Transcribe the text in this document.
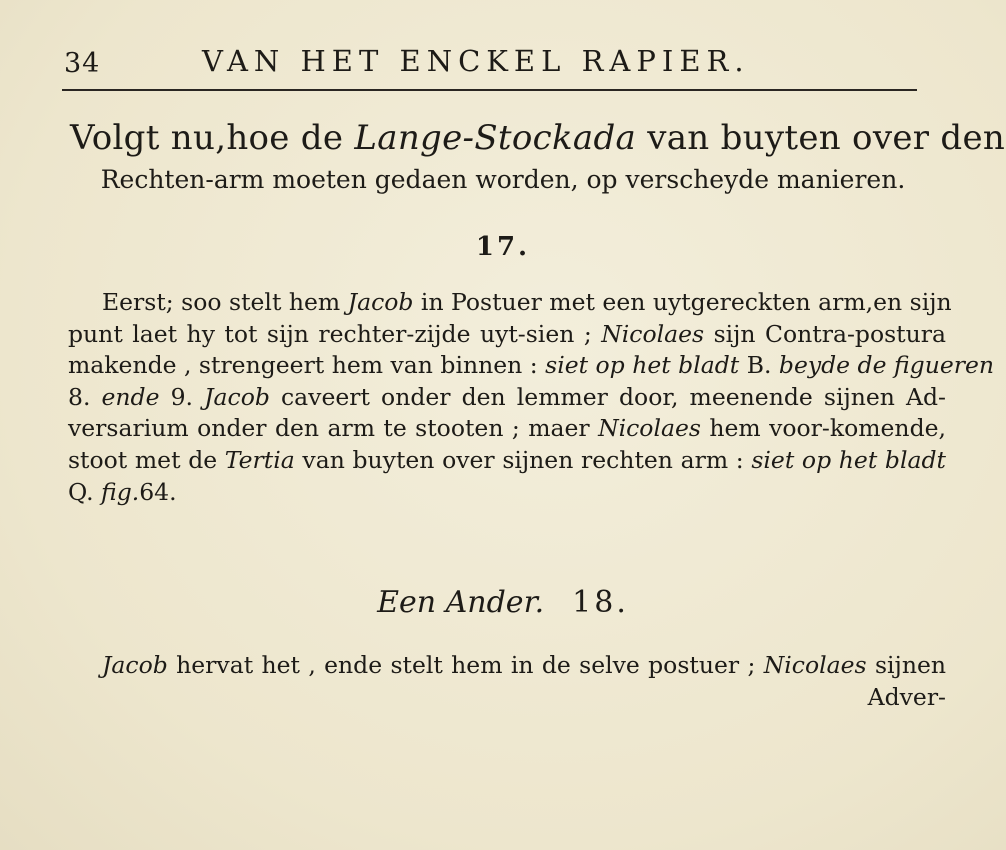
34	VAN HET ENCKEL RAPIER.
Volgt nu,hoe de Lange-Stockada van buyten over den
Rechten-arm moeten gedaen worden, op verscheyde manieren.
17.
Eerst; soo stelt hem Jacob in Postuer met een uytgereckten arm,en sijn
punt laet hy tot sijn rechter-zijde uyt-sien ; Nicolaes sijn Contra-postura
makende , strengeert hem van binnen : siet op het bladt B. beyde de figueren
8. ende 9. Jacob caveert onder den lemmer door, meenende sijnen Ad-
versarium onder den arm te stooten ; maer Nicolaes hem voor-komende,
stoot met de Tertia van buyten over sijnen rechten arm : siet op het bladt
Q. fig.64.
Een Ander. 18.
Jacob hervat het , ende stelt hem in de selve postuer ; Nicolaes sijnen
Adver-
